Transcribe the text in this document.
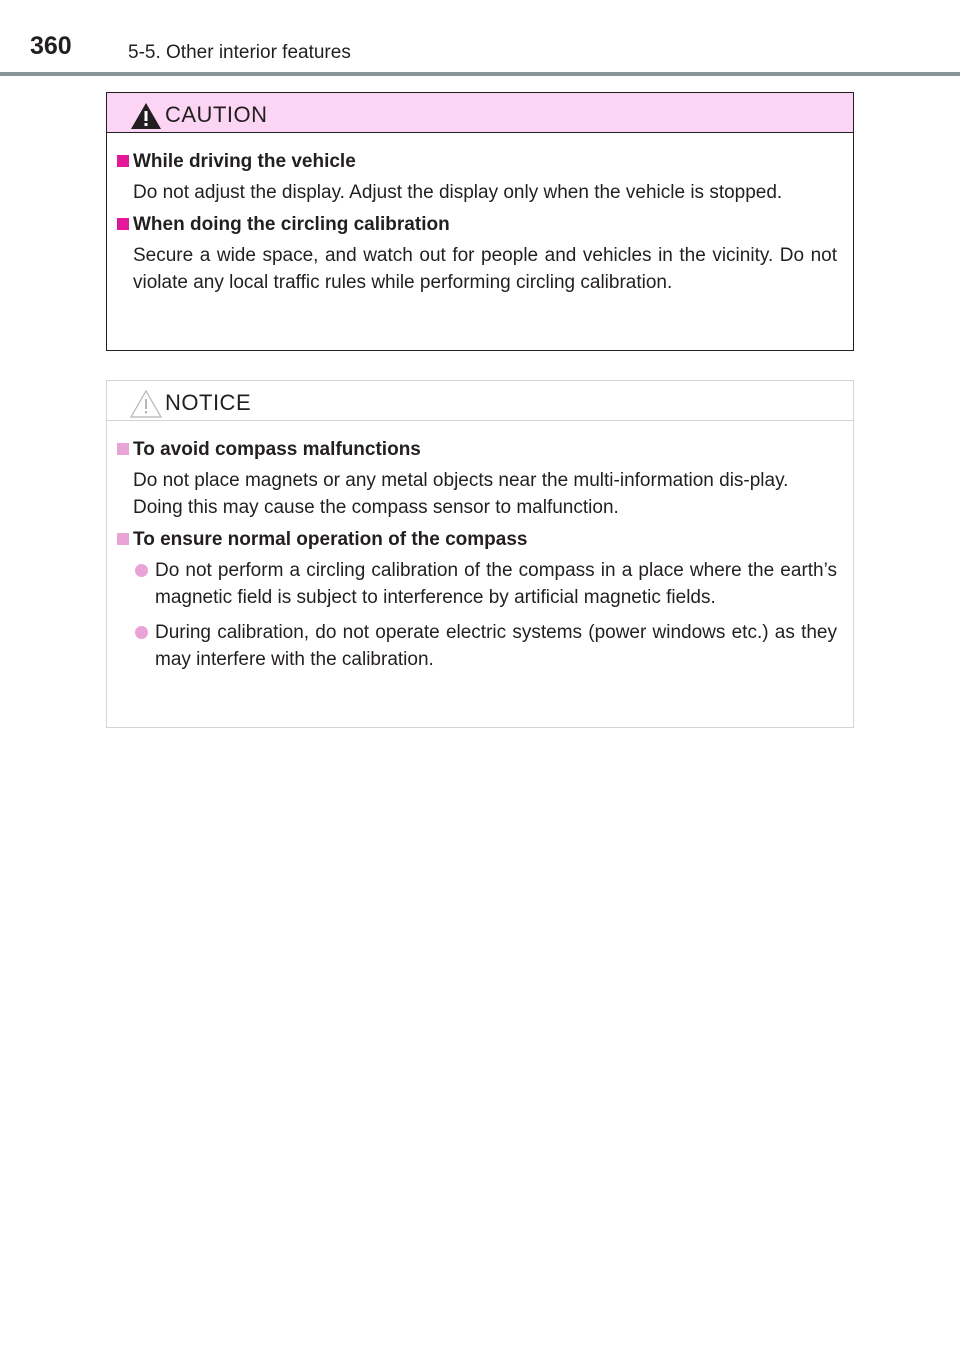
360	5-5. Other interior features
CAUTION
While driving the vehicle
Do not adjust the display. Adjust the display only when the vehicle is stopped.
When doing the circling calibration
Secure a wide space, and watch out for people and vehicles in the vicinity. Do not violate any local traffic rules while performing circling calibration.
NOTICE
To avoid compass malfunctions
Do not place magnets or any metal objects near the multi-information dis-play.
Doing this may cause the compass sensor to malfunction.
To ensure normal operation of the compass
Do not perform a circling calibration of the compass in a place where the earth’s magnetic field is subject to interference by artificial magnetic fields.
During calibration, do not operate electric systems (power windows etc.) as they may interfere with the calibration.
